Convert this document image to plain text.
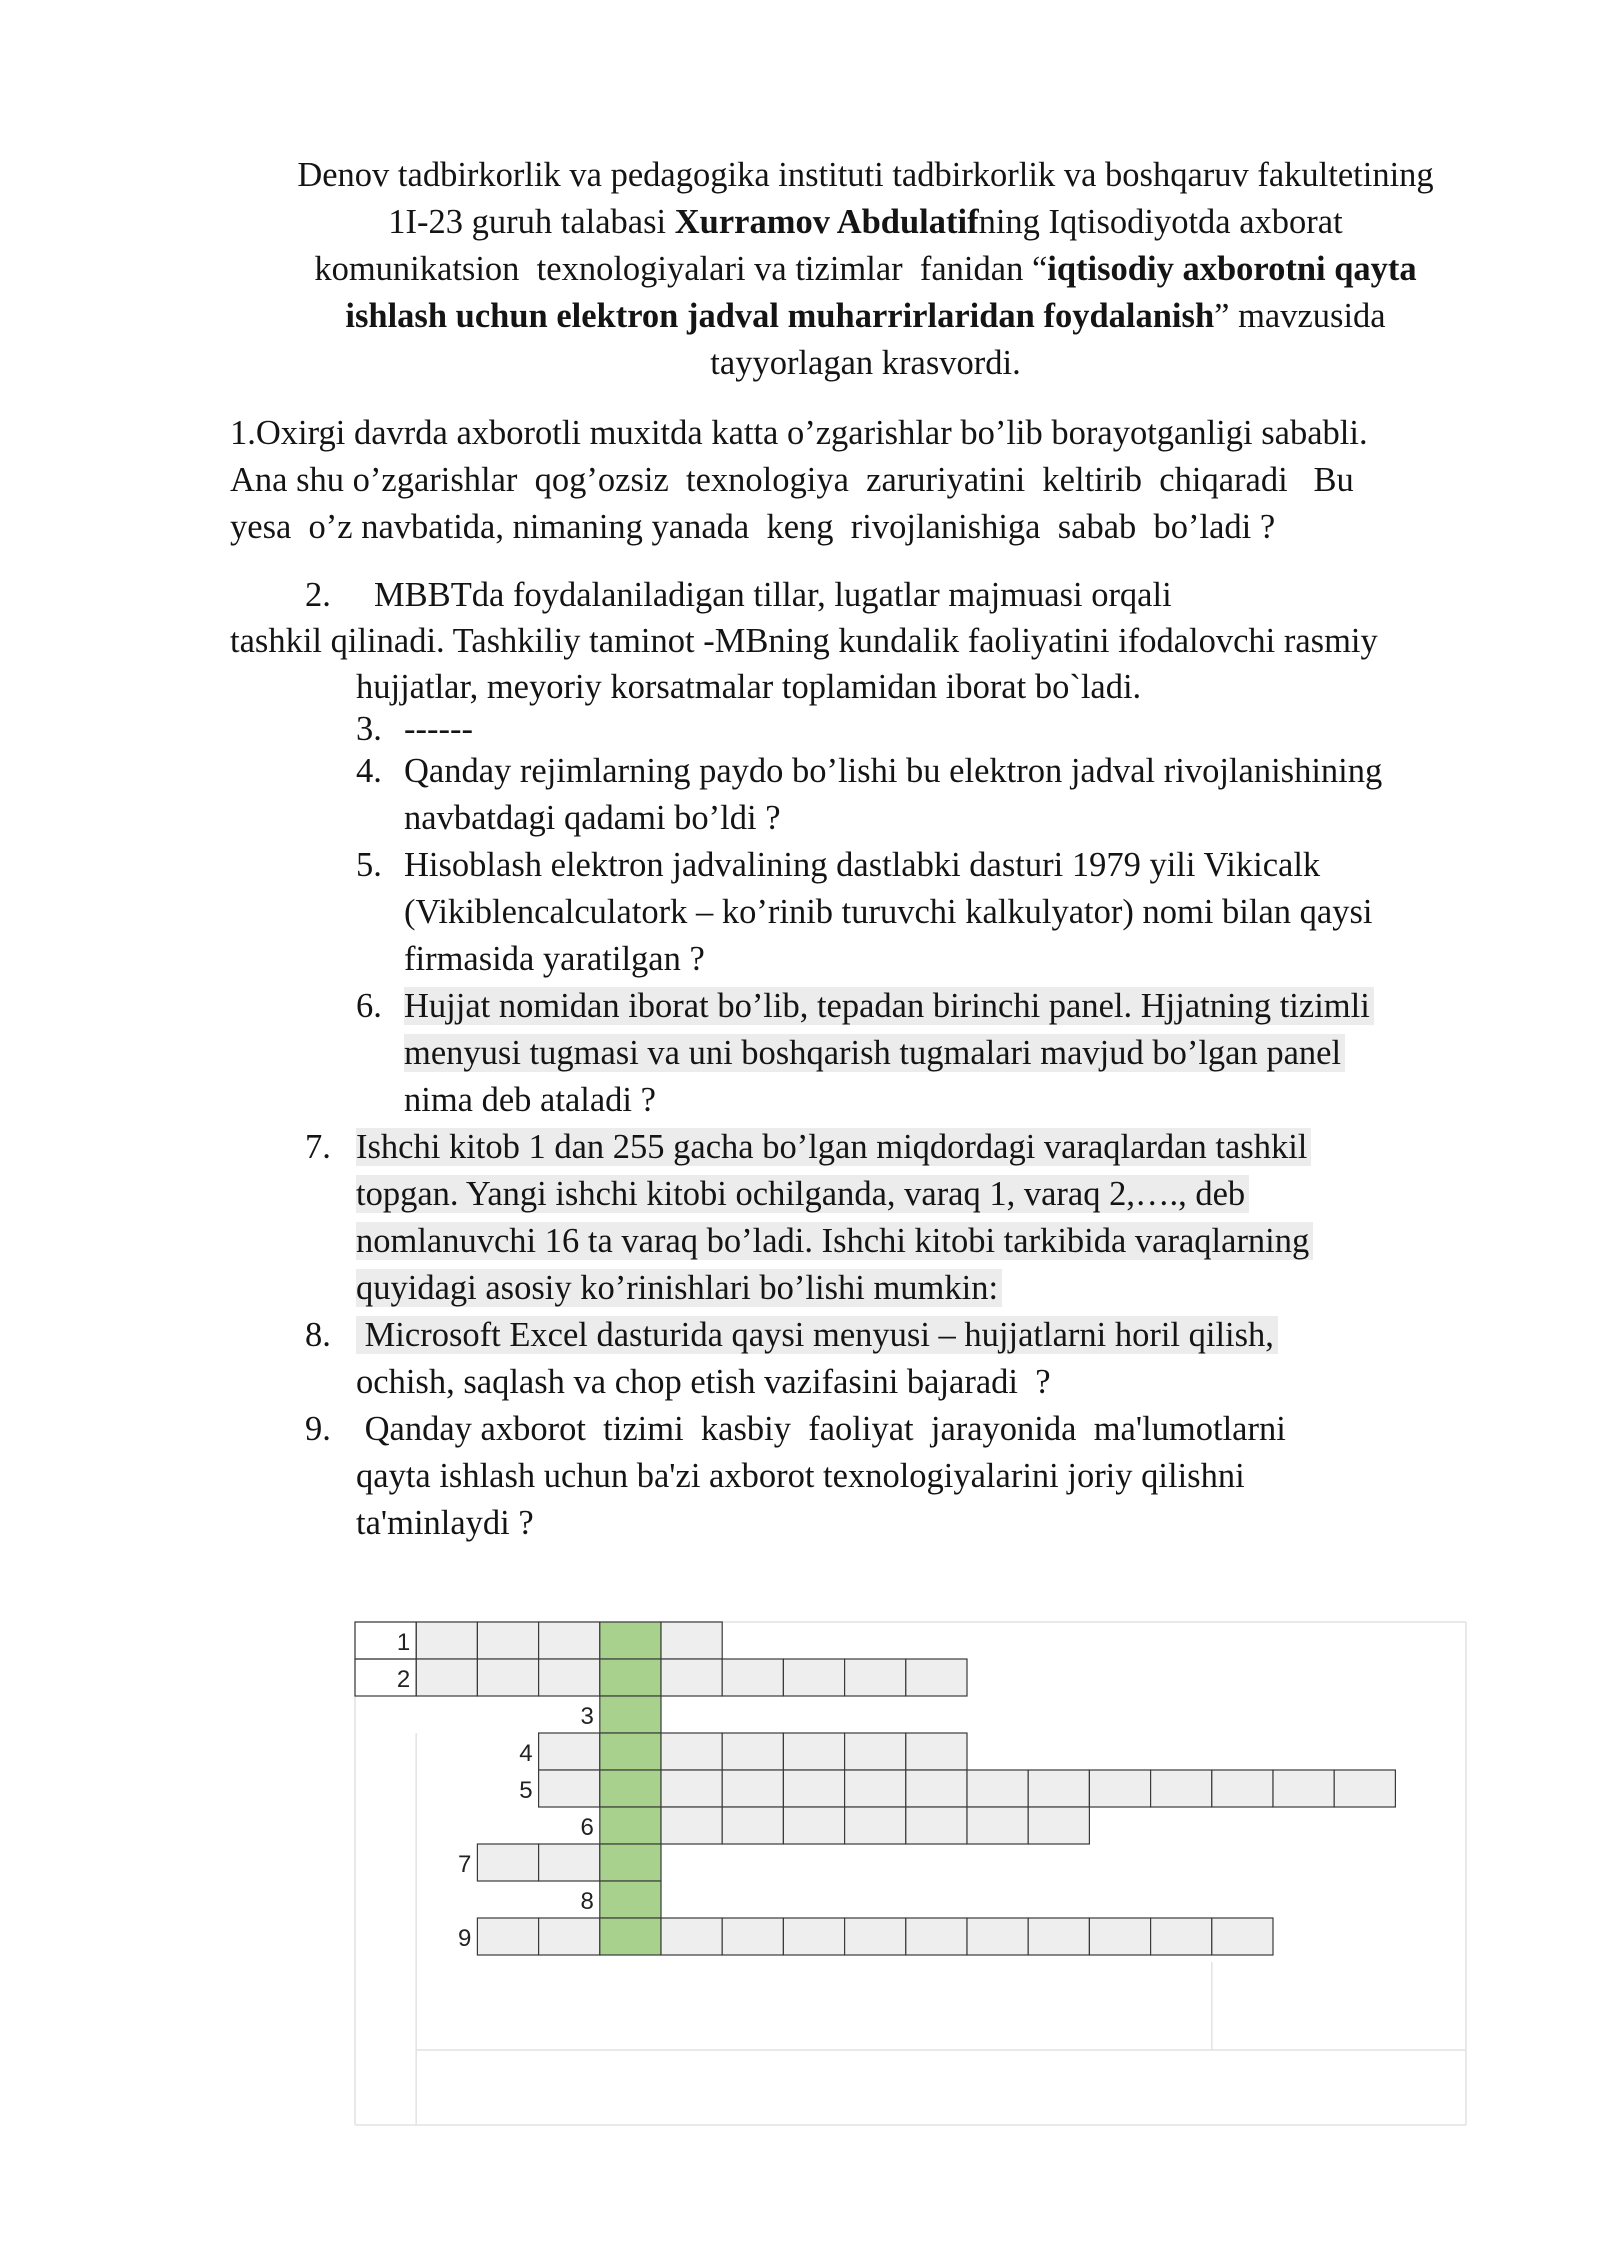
Denov tadbirkorlik va pedagogika instituti tadbirkorlik va boshqaruv fakultetining
1I-23 guruh talabasi Xurramov Abdulatifning Iqtisodiyotda axborat
komunikatsion  texnologiyalari va tizimlar  fanidan “iqtisodiy axborotni qayta
ishlash uchun elektron jadval muharrirlaridan foydalanish” mavzusida
tayyorlagan krasvordi.
1.Oxirgi davrda axborotli muxitda katta o’zgarishlar bo’lib borayotganligi sababli.
Ana shu o’zgarishlar  qog’ozsiz  texnologiya  zaruriyatini  keltirib  chiqaradi   Bu
yesa  o’z navbatida, nimaning yanada  keng  rivojlanishiga  sabab  bo’ladi ?
2. MBBTda foydalaniladigan tillar, lugatlar majmuasi orqali
tashkil qilinadi. Tashkiliy taminot -MBning kundalik faoliyatini ifodalovchi rasmiy
hujjatlar, meyoriy korsatmalar toplamidan iborat bo`ladi.
3. ------
4. Qanday rejimlarning paydo bo’lishi bu elektron jadval rivojlanishining
navbatdagi qadami bo’ldi ?
5. Hisoblash elektron jadvalining dastlabki dasturi 1979 yili Vikicalk
(Vikiblencalculatork – ko’rinib turuvchi kalkulyator) nomi bilan qaysi
firmasida yaratilgan ?
6. Hujjat nomidan iborat bo’lib, tepadan birinchi panel. Hjjatning tizimli
menyusi tugmasi va uni boshqarish tugmalari mavjud bo’lgan panel
nima deb ataladi ?
7. Ishchi kitob 1 dan 255 gacha bo’lgan miqdordagi varaqlardan tashkil
topgan. Yangi ishchi kitobi ochilganda, varaq 1, varaq 2,…., deb
nomlanuvchi 16 ta varaq bo’ladi. Ishchi kitobi tarkibida varaqlarning
quyidagi asosiy ko’rinishlari bo’lishi mumkin:
8. Microsoft Excel dasturida qaysi menyusi – hujjatlarni horil qilish,
ochish, saqlash va chop etish vazifasini bajaradi  ?
9. Qanday axborot  tizimi  kasbiy  faoliyat  jarayonida  ma'lumotlarni
qayta ishlash uchun ba'zi axborot texnologiyalarini joriy qilishni
ta'minlaydi ?
1
2
3
4
5
6
7
8
9
